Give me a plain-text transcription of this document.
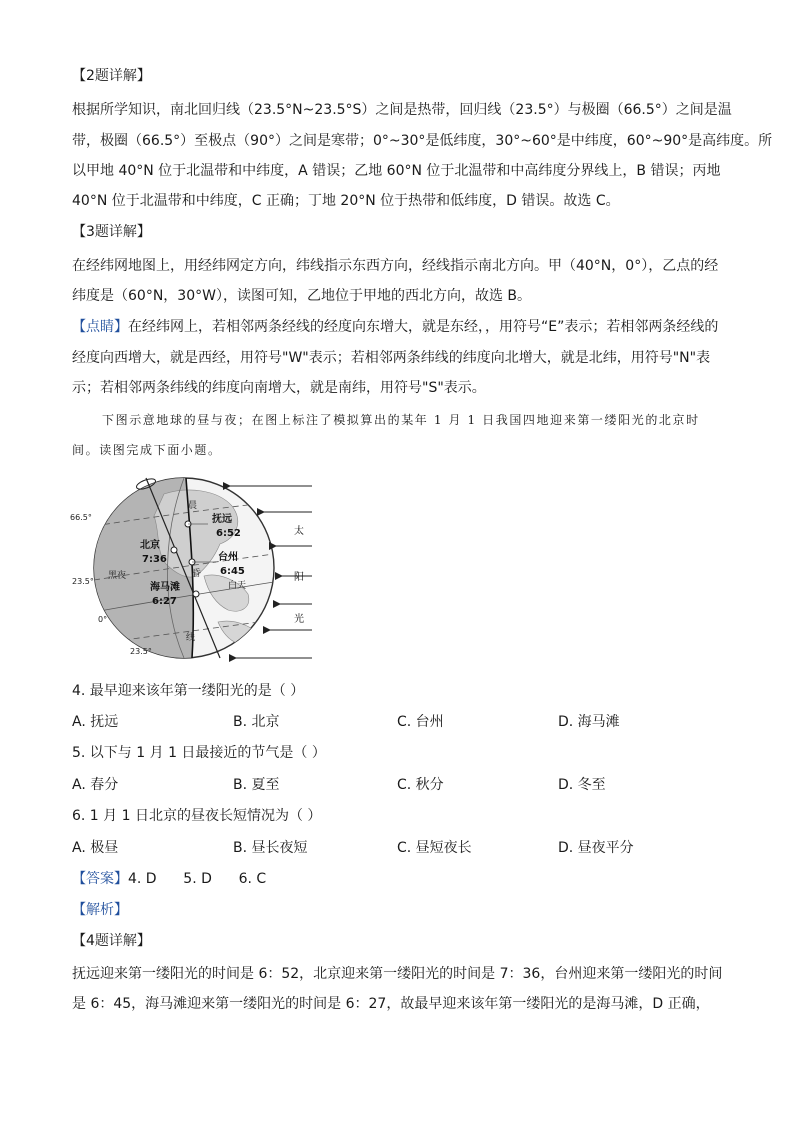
【2题详解】
根据所学知识，南北回归线（23.5°N~23.5°S）之间是热带，回归线（23.5°）与极圈（66.5°）之间是温
带，极圈（66.5°）至极点（90°）之间是寒带；0°~30°是低纬度，30°~60°是中纬度，60°~90°是高纬度。所
以甲地 40°N 位于北温带和中纬度，A 错误；乙地 60°N 位于北温带和中高纬度分界线上，B 错误；丙地
40°N 位于北温带和中纬度，C 正确；丁地 20°N 位于热带和低纬度，D 错误。故选 C。
【3题详解】
在经纬网地图上，用经纬网定方向，纬线指示东西方向，经线指示南北方向。甲（40°N，0°），乙点的经
纬度是（60°N，30°W），读图可知，乙地位于甲地的西北方向，故选 B。
【点睛】在经纬网上，若相邻两条经线的经度向东增大，就是东经，，用符号“E”表示；若相邻两条经线的
经度向西增大，就是西经，用符号"W"表示；若相邻两条纬线的纬度向北增大，就是北纬，用符号"N"表
示；若相邻两条纬线的纬度向南增大，就是南纬，用符号"S"表示。
下图示意地球的昼与夜；在图上标注了模拟算出的某年 1 月 1 日我国四地迎来第一缕阳光的北京时
间。读图完成下面小题。
66.5°
23.5°
0°
23.5°
抚远
6:52
北京
7:36	台州
6:45
海马滩
6:27
黑夜
白天
晨
昏
线
太
阳
光
4. 最早迎来该年第一缕阳光的是（ ）
A. 抚远	B. 北京	C. 台州	D. 海马滩
5. 以下与 1 月 1 日最接近的节气是（ ）
A. 春分	B. 夏至	C. 秋分	D. 冬至
6. 1 月 1 日北京的昼夜长短情况为（ ）
A. 极昼	B. 昼长夜短	C. 昼短夜长	D. 昼夜平分
【答案】4. D      5. D      6. C
【解析】
【4题详解】
抚远迎来第一缕阳光的时间是 6：52，北京迎来第一缕阳光的时间是 7：36，台州迎来第一缕阳光的时间
是 6：45，海马滩迎来第一缕阳光的时间是 6：27，故最早迎来该年第一缕阳光的是海马滩，D 正确，
